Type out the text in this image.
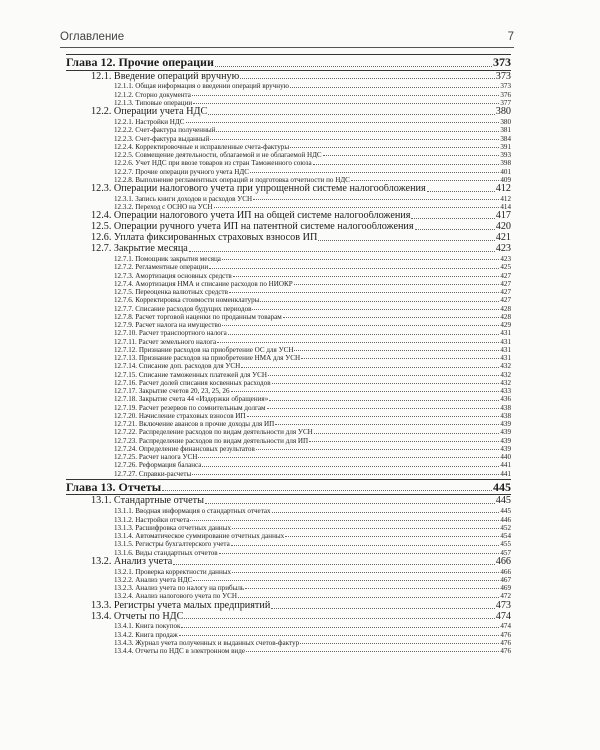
Оглавление	7
Глава 12. Прочие операции	373
12.1. Введение операций вручную	373
12.1.1. Общая информация о введении операций вручную	373
12.1.2. Сторно документа	376
12.1.3. Типовые операции	377
12.2. Операции учета НДС	380
12.2.1. Настройки НДС	380
12.2.2. Счет-фактура полученный	381
12.2.3. Счет-фактура выданный	384
12.2.4. Корректировочные и исправленные счета-фактуры	391
12.2.5. Совмещение деятельности, облагаемой и не облагаемой НДС	393
12.2.6. Учет НДС при ввозе товаров из стран Таможенного союза	398
12.2.7. Прочие операции ручного учета НДС	401
12.2.8. Выполнение регламентных операций и подготовка отчетности по НДС	409
12.3. Операции налогового учета при упрощенной системе налогообложения	412
12.3.1. Запись книги доходов и расходов УСН	412
12.3.2. Переход с ОСНО на УСН	414
12.4. Операции налогового учета ИП на общей системе налогообложения	417
12.5. Операции ручного учета ИП на патентной системе налогообложения	420
12.6. Уплата фиксированных страховых взносов ИП	421
12.7. Закрытие месяца	423
12.7.1. Помощник закрытия месяца	423
12.7.2. Регламентные операции	425
12.7.3. Амортизация основных средств	427
12.7.4. Амортизация НМА и списание расходов по НИОКР	427
12.7.5. Переоценка валютных средств	427
12.7.6. Корректировка стоимости номенклатуры	427
12.7.7. Списание расходов будущих периодов	428
12.7.8. Расчет торговой наценки по проданным товарам	428
12.7.9. Расчет налога на имущество	429
12.7.10. Расчет транспортного налога	431
12.7.11. Расчет земельного налога	431
12.7.12. Признание расходов на приобретение ОС для УСН	431
12.7.13. Признание расходов на приобретение НМА для УСН	431
12.7.14. Списание доп. расходов для УСН	432
12.7.15. Списание таможенных платежей для УСН	432
12.7.16. Расчет долей списания косвенных расходов	432
12.7.17. Закрытие счетов 20, 23, 25, 26	433
12.7.18. Закрытие счета 44 «Издержки обращения»	436
12.7.19. Расчет резервов по сомнительным долгам	438
12.7.20. Начисление страховых взносов ИП	438
12.7.21. Включение авансов в прочие доходы для ИП	439
12.7.22. Распределение расходов по видам деятельности для УСН	439
12.7.23. Распределение расходов по видам деятельности для ИП	439
12.7.24. Определение финансовых результатов	439
12.7.25. Расчет налога УСН	440
12.7.26. Реформация баланса	441
12.7.27. Справки-расчеты	441
Глава 13. Отчеты	445
13.1. Стандартные отчеты	445
13.1.1. Вводная информация о стандартных отчетах	445
13.1.2. Настройки отчета	446
13.1.3. Расшифровка отчетных данных	452
13.1.4. Автоматическое суммирование отчетных данных	454
13.1.5. Регистры бухгалтерского учета	455
13.1.6. Виды стандартных отчетов	457
13.2. Анализ учета	466
13.2.1. Проверка корректности данных	466
13.2.2. Анализ учета НДС	467
13.2.3. Анализ учета по налогу на прибыль	469
13.2.4. Анализ налогового учета по УСН	472
13.3. Регистры учета малых предприятий	473
13.4. Отчеты по НДС	474
13.4.1. Книга покупок	474
13.4.2. Книга продаж	476
13.4.3. Журнал учета полученных и выданных счетов-фактур	476
13.4.4. Отчеты по НДС в электронном виде	476
